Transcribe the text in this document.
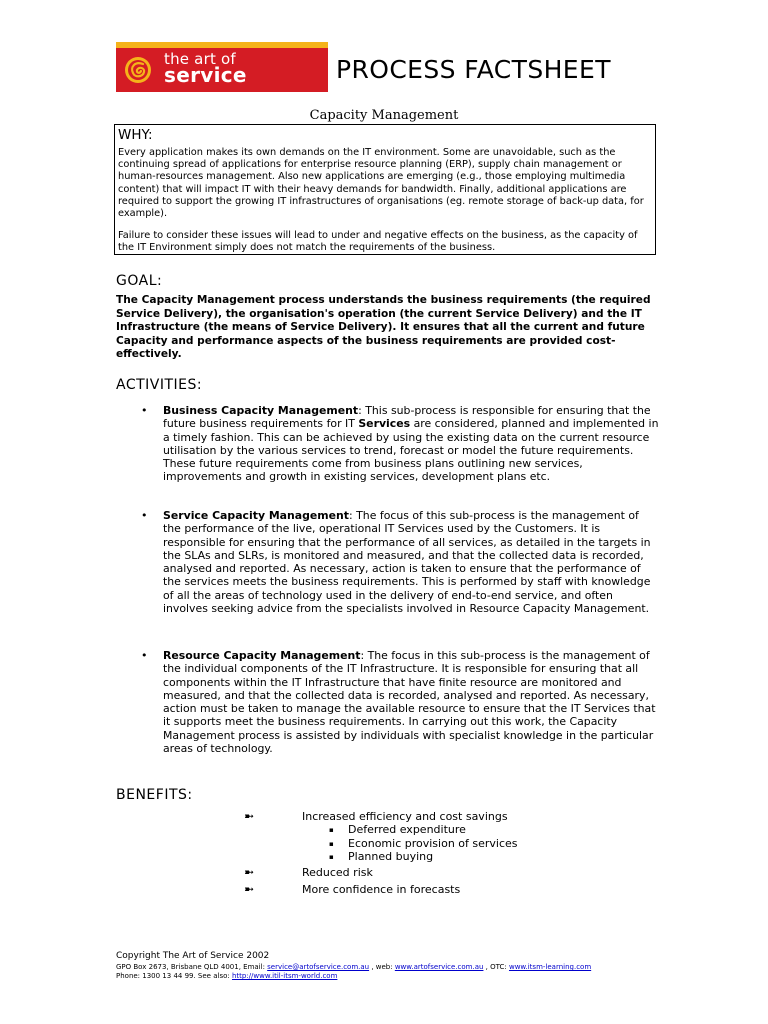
the art of
service	PROCESS FACTSHEET
Capacity Management
WHY:

Every application makes its own demands on the IT environment. Some are unavoidable, such as the continuing spread of applications for enterprise resource planning (ERP), supply chain management or human-resources management. Also new applications are emerging (e.g., those employing multimedia content) that will impact IT with their heavy demands for bandwidth. Finally, additional applications are required to support the growing IT infrastructures of organisations (eg. remote storage of back-up data, for example).

Failure to consider these issues will lead to under and negative effects on the business, as the capacity of the IT Environment simply does not match the requirements of the business.

GOAL:

The Capacity Management process understands the business requirements (the required Service Delivery), the organisation's operation (the current Service Delivery) and the IT Infrastructure (the means of Service Delivery). It ensures that all the current and future Capacity and performance aspects of the business requirements are provided cost-effectively.

ACTIVITIES:
• Business Capacity Management: This sub-process is responsible for ensuring that the future business requirements for IT Services are considered, planned and implemented in a timely fashion. This can be achieved by using the existing data on the current resource utilisation by the various services to trend, forecast or model the future requirements. These future requirements come from business plans outlining new services, improvements and growth in existing services, development plans etc.

• Service Capacity Management: The focus of this sub-process is the management of the performance of the live, operational IT Services used by the Customers. It is responsible for ensuring that the performance of all services, as detailed in the targets in the SLAs and SLRs, is monitored and measured, and that the collected data is recorded, analysed and reported. As necessary, action is taken to ensure that the performance of the services meets the business requirements. This is performed by staff with knowledge of all the areas of technology used in the delivery of end-to-end service, and often involves seeking advice from the specialists involved in Resource Capacity Management.

• Resource Capacity Management: The focus in this sub-process is the management of the individual components of the IT Infrastructure. It is responsible for ensuring that all components within the IT Infrastructure that have finite resource are monitored and measured, and that the collected data is recorded, analysed and reported. As necessary, action must be taken to manage the available resource to ensure that the IT Services that it supports meet the business requirements. In carrying out this work, the Capacity Management process is assisted by individuals with specialist knowledge in the particular areas of technology.

BENEFITS:
➼	Increased efficiency and cost savings
▪ Deferred expenditure
▪ Economic provision of services
▪ Planned buying
➼	Reduced risk
➼	More confidence in forecasts
Copyright The Art of Service 2002
GPO Box 2673, Brisbane QLD 4001, Email: service@artofservice.com.au , web: www.artofservice.com.au , OTC: www.itsm-learning.com
Phone: 1300 13 44 99. See also: http://www.itil-itsm-world.com
